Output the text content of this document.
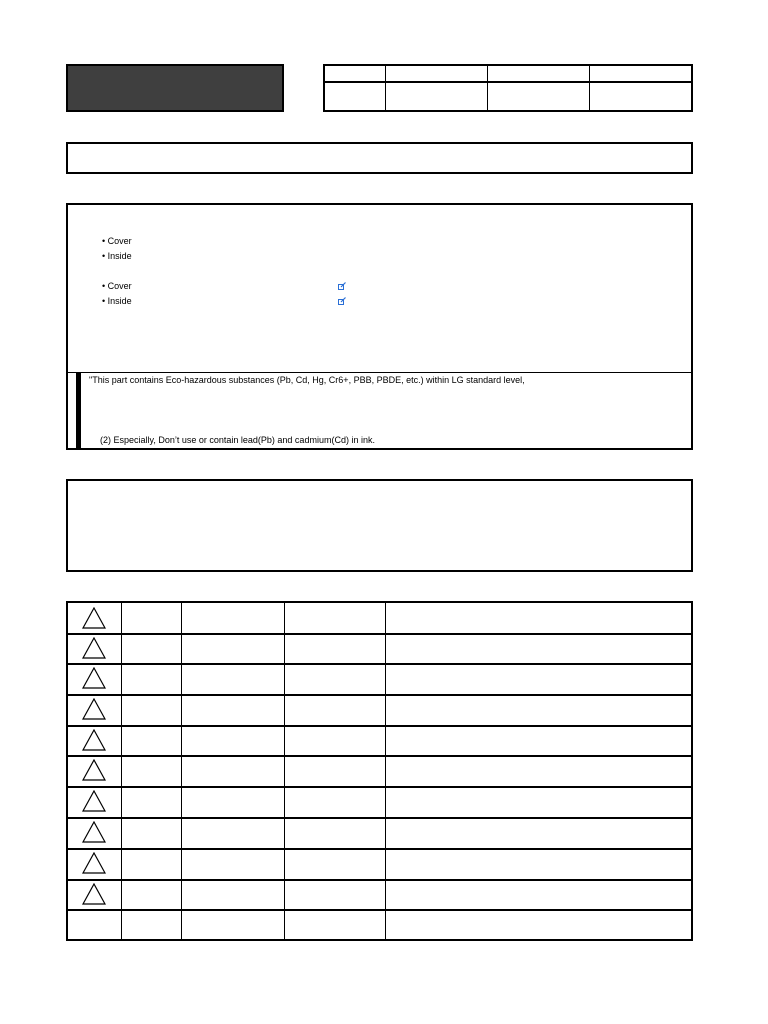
• Cover
• Inside
• Cover
• Inside
"This part contains Eco-hazardous substances (Pb, Cd, Hg, Cr6+, PBB, PBDE, etc.) within LG standard level,
(2) Especially, Don’t use or contain lead(Pb) and cadmium(Cd) in ink.
